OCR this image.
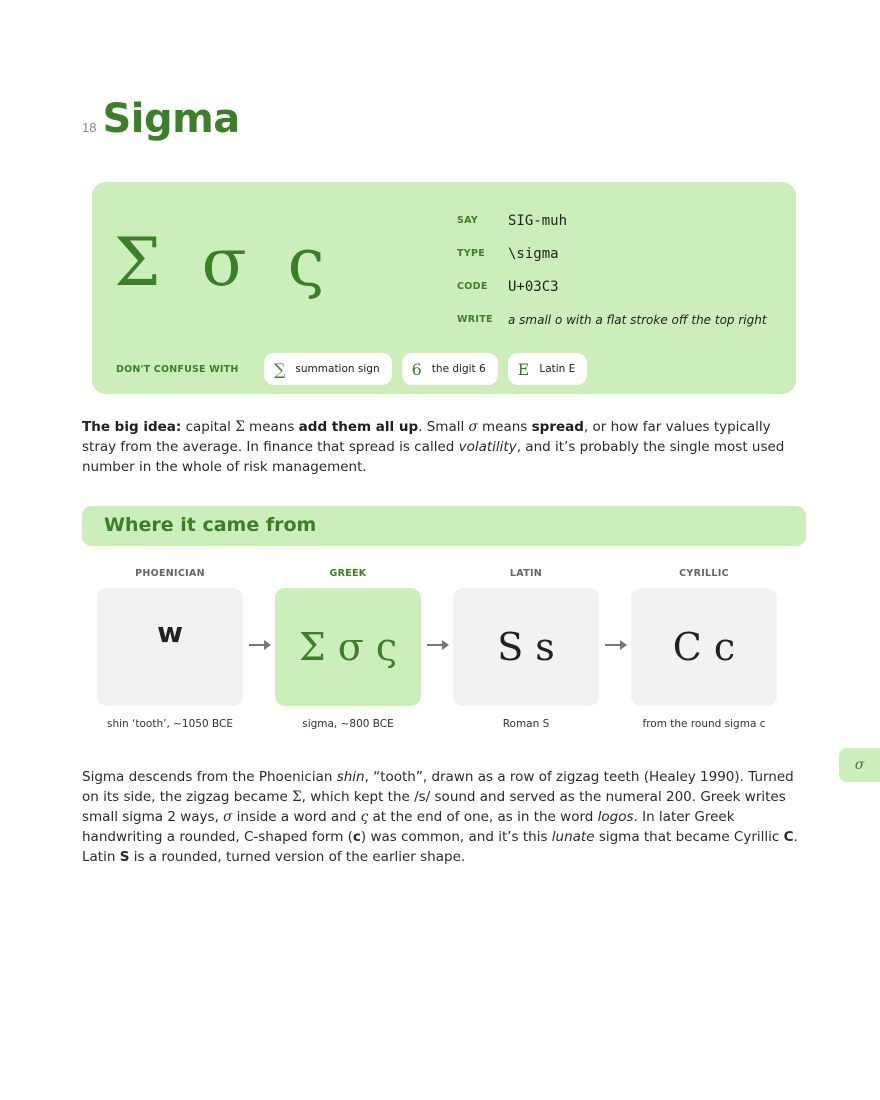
18 Sigma
Σ σ ς
SAY	SIG-muh
TYPE	\sigma
CODE	U+03C3
WRITE	a small o with a flat stroke off the top right
DON'T CONFUSE WITH	∑ summation sign 6 the digit 6 E Latin E

The big idea: capital Σ means add them all up. Small σ means spread, or how far values typically stray from the average. In finance that spread is called volatility, and it’s probably the single most used number in the whole of risk management.

Where it came from
PHOENICIAN
w
shin ‘tooth’, ~1050 BCE
GREEK
Σ σ ς
sigma, ~800 BCE
LATIN
S s
Roman S
CYRILLIC
С с
from the round sigma c

Sigma descends from the Phoenician shin, “tooth”, drawn as a row of zigzag teeth (Healey 1990). Turned on its side, the zigzag became Σ, which kept the /s/ sound and served as the numeral 200. Greek writes small sigma 2 ways, σ inside a word and ς at the end of one, as in the word logos. In later Greek handwriting a rounded, C-shaped form (c) was common, and it’s this lunate sigma that became Cyrillic С. Latin S is a rounded, turned version of the earlier shape.

σ
